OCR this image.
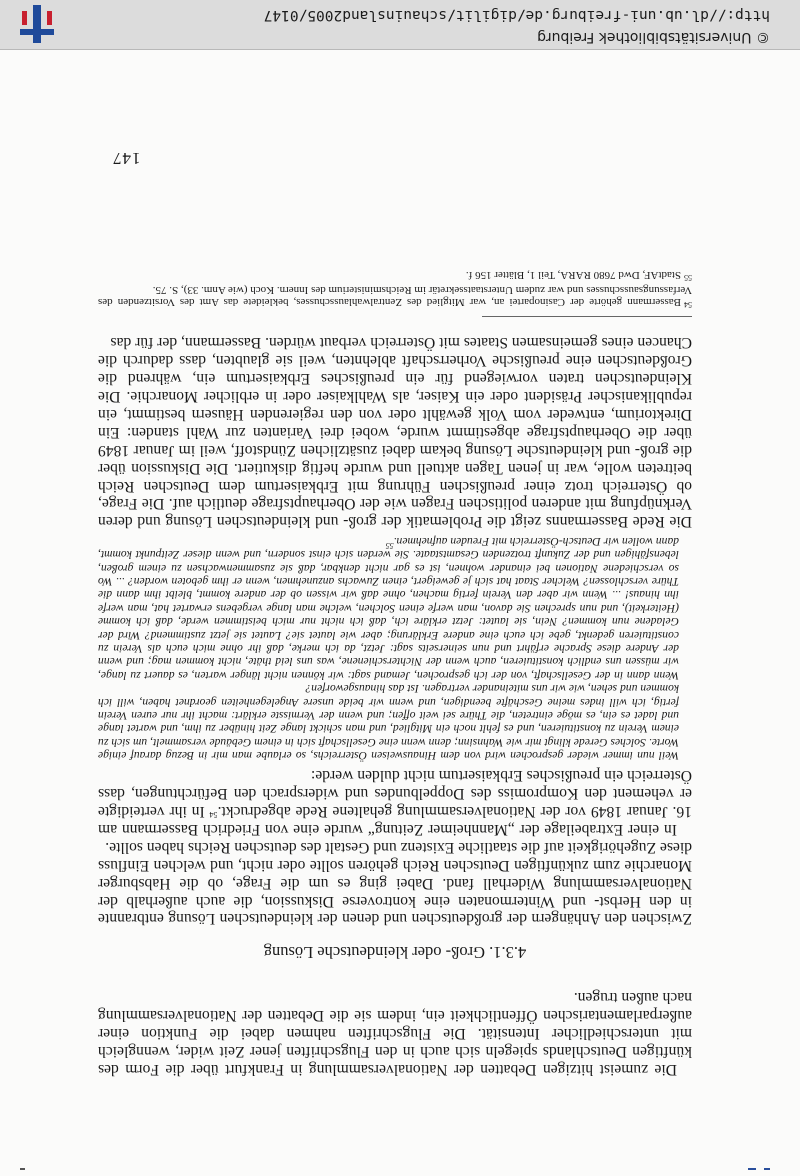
Die zumeist hitzigen Debatten der Nationalversammlung in Frankfurt über die Form des künftigen Deutschlands spiegeln sich auch in den Flugschriften jener Zeit wider, wenngleich mit unterschiedlicher Intensität. Die Flugschriften nahmen dabei die Funktion einer außerparlamentarischen Öffentlichkeit ein, indem sie die Debatten der Nationalversammlung nach außen trugen.

4.3.1. Groß- oder kleindeutsche Lösung

Zwischen den Anhängern der großdeutschen und denen der kleindeutschen Lösung entbrannte in den Herbst- und Wintermonaten eine kontroverse Diskussion, die auch außerhalb der Nationalversammlung Widerhall fand. Dabei ging es um die Frage, ob die Habsburger Monarchie zum zukünftigen Deutschen Reich gehören sollte oder nicht, und welchen Einfluss diese Zugehörigkeit auf die staatliche Existenz und Gestalt des deutschen Reichs haben sollte.

In einer Extrabeilage der „Mannheimer Zeitung“ wurde eine von Friedrich Bassermann am 16. Januar 1849 vor der Nationalversammlung gehaltene Rede abgedruckt.$^{54}$ In ihr verteidigte er vehement den Kompromiss des Doppelbundes und widersprach den Befürchtungen, dass Österreich ein preußisches Erbkaisertum nicht dulden werde:

Weil nun immer wieder gesprochen wird von dem Hinausweisen Österreichs, so erlaube man mir in Bezug darauf einige Worte. Solches Gerede klingt mir wie Wahnsinn; denn wenn eine Gesellschaft sich in einem Gebäude versammelt, um sich zu einem Verein zu konstituieren, und es fehlt noch ein Mitglied, und man schickt lange Zeit hinüber zu ihm, und wartet lange und ladet es ein, es möge eintreten, die Thüre sei weit offen; und wenn der Vermisste erklärt: macht ihr nur euren Verein fertig, ich will indes meine Geschäfte beendigen, und wenn wir beide unsere Angelegenheiten geordnet haben, will ich kommen und sehen, wie wir uns miteinander vertragen. Ist das hinausgeworfen?

Wenn dann in der Gesellschaft, von der ich gesprochen, Jemand sagt: wir können nicht länger warten, es dauert zu lange, wir müssen uns endlich konstituieren, auch wenn der Nichterschienene, was uns leid thäte, nicht kommen mag; und wenn der Andere diese Sprache erfährt und nun seinerseits sagt: Jetzt, da ich merke, daß ihr ohne mich euch als Verein zu constituieren gedenkt, gebe ich euch eine andere Erklärung; aber wie lautet sie? Lautet sie jetzt zustimmend? Wird der Geladene nun kommen? Nein, sie lautet: Jetzt erkläre ich, daß ich nicht nur mich beistimmen werde, daß ich komme (Heiterkeit), und nun sprechen Sie davon, man werfe einen Solchen, welche man lange vergebens erwartet hat, man werfe ihn hinaus! ... Wenn wir aber den Verein fertig machen, ohne daß wir wissen ob der andere kommt, bleibt ihm dann die Thüre verschlossen? Welcher Staat hat sich je geweigert, einen Zuwachs anzunehmen, wenn er ihm geboten worden? ... Wo so verschiedene Nationen bei einander wohnen, ist es gar nicht denkbar, daß sie zusammenwachsen zu einem großen, lebensfähigen und der Zukunft trotzenden Gesamtstaate. Sie werden sich einst sondern, und wenn dieser Zeitpunkt kommt, dann wollen wir Deutsch-Österreich mit Freuden aufnehmen.$^{55}$

Die Rede Bassermanns zeigt die Problematik der groß- und kleindeutschen Lösung und deren Verknüpfung mit anderen politischen Fragen wie der Oberhauptsfrage deutlich auf. Die Frage, ob Österreich trotz einer preußischen Führung mit Erbkaisertum dem Deutschen Reich beitreten wolle, war in jenen Tagen aktuell und wurde heftig diskutiert. Die Diskussion über die groß- und kleindeutsche Lösung bekam dabei zusätzlichen Zündstoff, weil im Januar 1849 über die Oberhauptsfrage abgestimmt wurde, wobei drei Varianten zur Wahl standen: Ein Direktorium, entweder vom Volk gewählt oder von den regierenden Häusern bestimmt, ein republikanischer Präsident oder ein Kaiser, als Wahlkaiser oder in erblicher Monarchie. Die Kleindeutschen traten vorwiegend für ein preußisches Erbkaisertum ein, während die Großdeutschen eine preußische Vorherrschaft ablehnten, weil sie glaubten, dass dadurch die Chancen eines gemeinsamen Staates mit Österreich verbaut würden. Bassermann, der für das

$^{54}$Bassermann gehörte der Casinopartei an, war Mitglied des Zentralwahlausschusses, bekleidete das Amt des Vorsitzenden des Verfassungsausschusses und war zudem Unterstaatssekretär im Reichsministerium des Innern. Koch (wie Anm. 33), S. 75.

$^{55}$StadtAF, Dwd 7680 RARA, Teil 1, Blätter 156 f.

147
http://dl.ub.uni-freiburg.de/digilit/schauinsland2005/0147
© Universitätsbibliothek Freiburg
